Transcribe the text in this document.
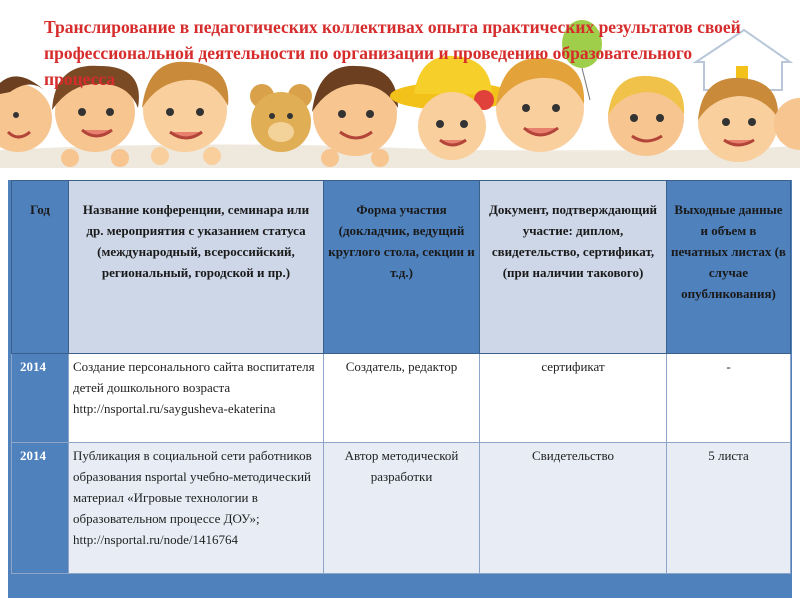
Транслирование в педагогических коллективах опыта практических результатов своей профессиональной деятельности по организации и проведению образовательного процесса
Год	Название конференции, семинара или др. мероприятия с указанием статуса (международный, всероссийский, региональный, городской и пр.)	Форма участия (докладчик, ведущий круглого стола, секции и т.д.)	Документ, подтверждающий участие: диплом, свидетельство, сертификат, (при наличии такового)	Выходные данные и объем в печатных листах (в случае опубликования)
2014	Создание персонального сайта воспитателя детей дошкольного возраста http://nsportal.ru/saygusheva-ekaterina	Создатель, редактор	сертификат	-
2014	Публикация в социальной сети работников образования nsportal учебно-методический материал «Игровые технологии в образовательном процессе ДОУ»; http://nsportal.ru/node/1416764	Автор методической разработки	Свидетельство	5 листа
